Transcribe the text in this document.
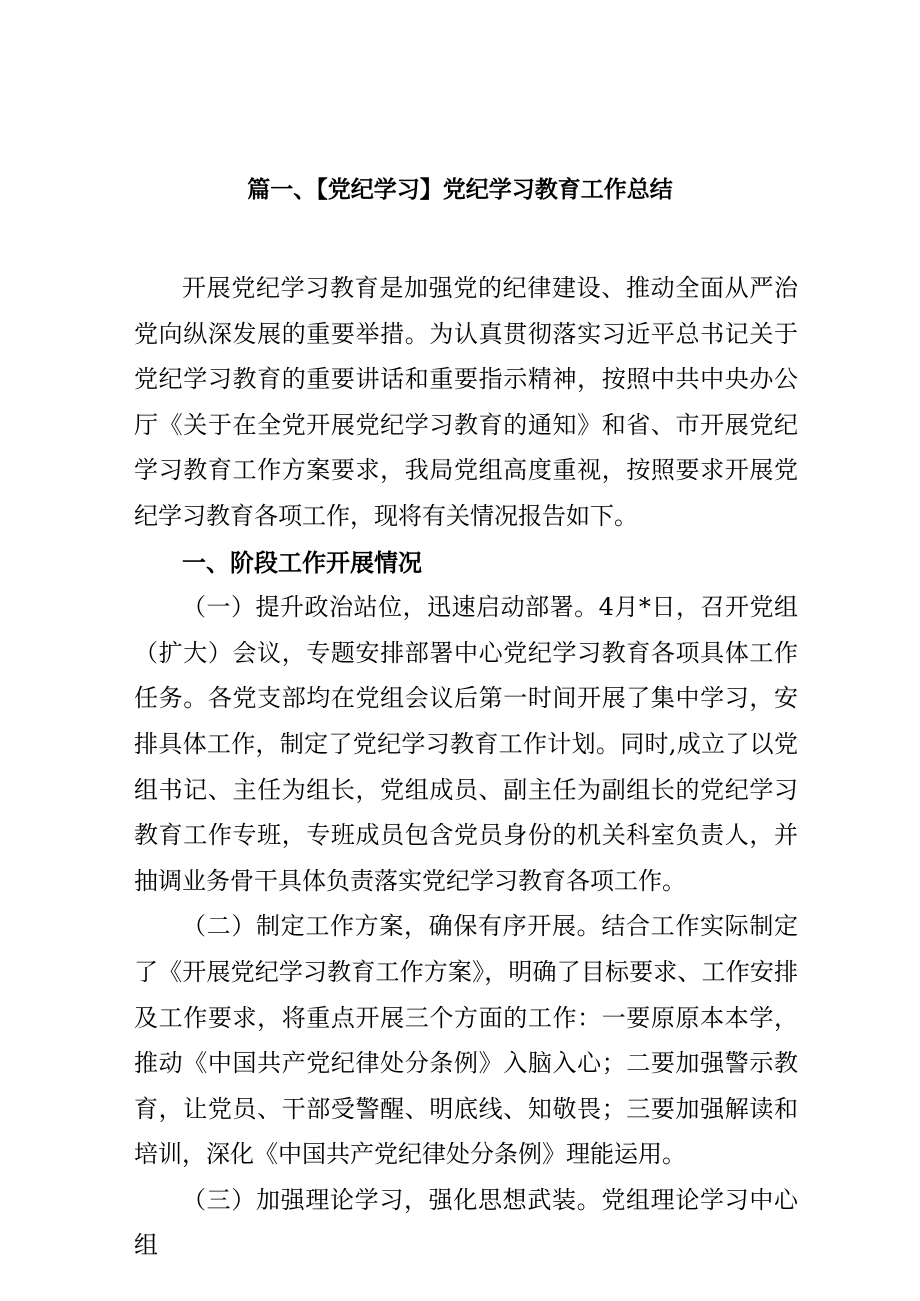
篇一、【党纪学习】党纪学习教育工作总结

开展党纪学习教育是加强党的纪律建设、推动全面从严治党向纵深发展的重要举措。为认真贯彻落实习近平总书记关于党纪学习教育的重要讲话和重要指示精神，按照中共中央办公厅《关于在全党开展党纪学习教育的通知》和省、市开展党纪学习教育工作方案要求，我局党组高度重视，按照要求开展党纪学习教育各项工作，现将有关情况报告如下。

一、阶段工作开展情况

（一）提升政治站位，迅速启动部署。4月*日，召开党组（扩大）会议，专题安排部署中心党纪学习教育各项具体工作任务。各党支部均在党组会议后第一时间开展了集中学习，安排具体工作，制定了党纪学习教育工作计划。同时,成立了以党组书记、主任为组长，党组成员、副主任为副组长的党纪学习教育工作专班，专班成员包含党员身份的机关科室负责人，并抽调业务骨干具体负责落实党纪学习教育各项工作。

（二）制定工作方案，确保有序开展。结合工作实际制定了《开展党纪学习教育工作方案》，明确了目标要求、工作安排及工作要求，将重点开展三个方面的工作：一要原原本本学，推动《中国共产党纪律处分条例》入脑入心；二要加强警示教育，让党员、干部受警醒、明底线、知敬畏；三要加强解读和培训，深化《中国共产党纪律处分条例》理能运用。

（三）加强理论学习，强化思想武装。党组理论学习中心组
